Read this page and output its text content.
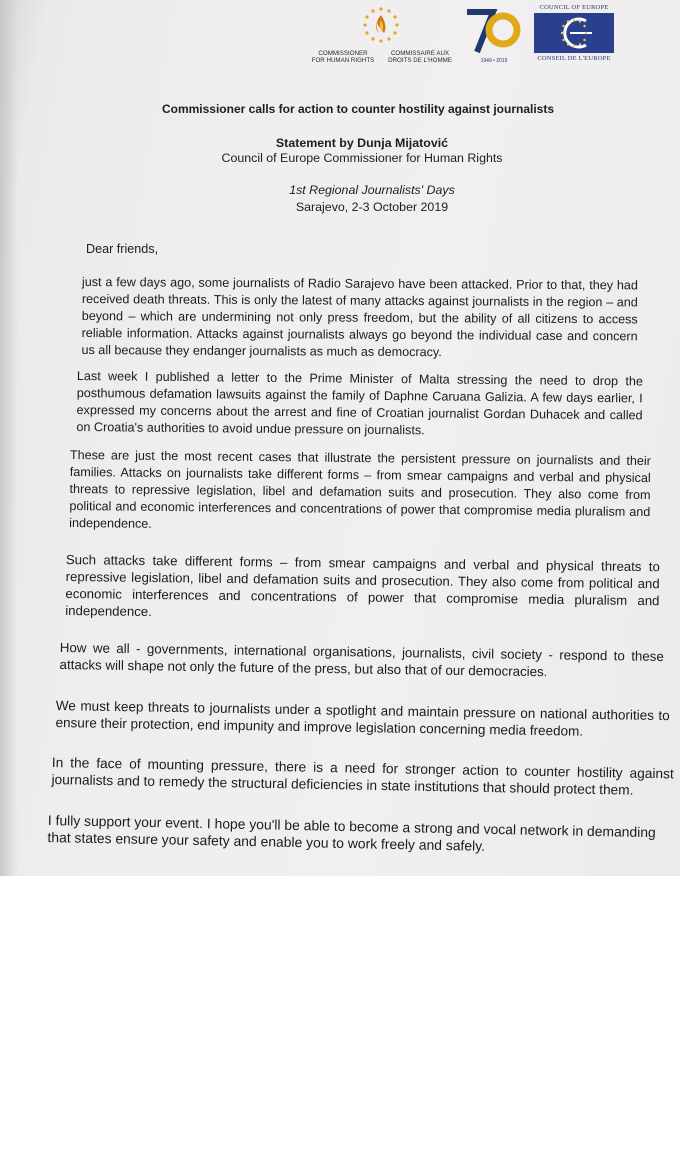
COMMISSIONER
FOR HUMAN RIGHTS
COMMISSAIRE AUX
DROITS DE L'HOMME	1949 • 2019
COUNCIL OF EUROPE
CONSEIL DE L'EUROPE
Commissioner calls for action to counter hostility against journalists
Statement by Dunja Mijatović
Council of Europe Commissioner for Human Rights
1st Regional Journalists' Days
Sarajevo, 2-3 October 2019
Dear friends,
just a few days ago, some journalists of Radio Sarajevo have been attacked. Prior to that, they had received death threats. This is only the latest of many attacks against journalists in the region – and beyond – which are undermining not only press freedom, but the ability of all citizens to access reliable information. Attacks against journalists always go beyond the individual case and concern us all because they endanger journalists as much as democracy.
Last week I published a letter to the Prime Minister of Malta stressing the need to drop the posthumous defamation lawsuits against the family of Daphne Caruana Galizia. A few days earlier, I expressed my concerns about the arrest and fine of Croatian journalist Gordan Duhacek and called on Croatia's authorities to avoid undue pressure on journalists.
These are just the most recent cases that illustrate the persistent pressure on journalists and their families. Attacks on journalists take different forms – from smear campaigns and verbal and physical threats to repressive legislation, libel and defamation suits and prosecution. They also come from political and economic interferences and concentrations of power that compromise media pluralism and independence.
Such attacks take different forms – from smear campaigns and verbal and physical threats to repressive legislation, libel and defamation suits and prosecution. They also come from political and economic interferences and concentrations of power that compromise media pluralism and independence.
How we all - governments, international organisations, journalists, civil society - respond to these attacks will shape not only the future of the press, but also that of our democracies.
We must keep threats to journalists under a spotlight and maintain pressure on national authorities to ensure their protection, end impunity and improve legislation concerning media freedom.
In the face of mounting pressure, there is a need for stronger action to counter hostility against journalists and to remedy the structural deficiencies in state institutions that should protect them.
I fully support your event. I hope you'll be able to become a strong and vocal network in demanding that states ensure your safety and enable you to work freely and safely.
